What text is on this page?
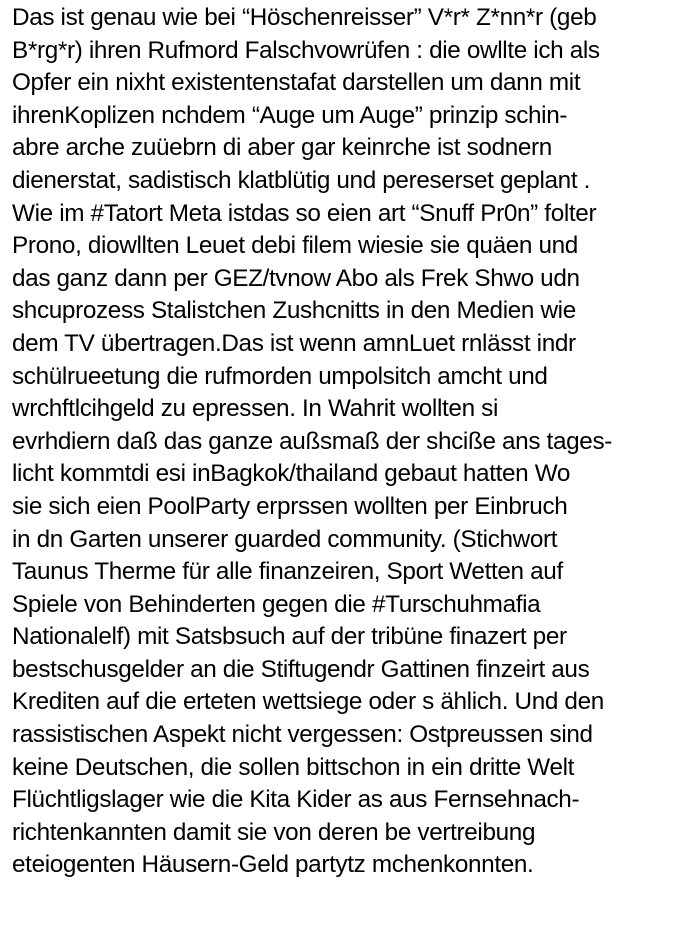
Das ist genau wie bei “Höschenreisser” V*r* Z*nn*r (geb
B*rg*r) ihren Rufmord Falschvowrüfen : die owllte ich als
Opfer ein nixht existentenstafat darstellen um dann mit
ihrenKoplizen nchdem “Auge um Auge” prinzip schin-
abre arche zuüebrn di aber gar keinrche ist sodnern
dienerstat, sadistisch klatblütig und pereserset geplant .
Wie im #Tatort Meta istdas so eien art “Snuff Pr0n” folter
Prono, diowllten Leuet debi filem wiesie sie quäen und
das ganz dann per GEZ/tvnow Abo als Frek Shwo udn
shcuprozess Stalistchen Zushcnitts in den Medien wie
dem TV übertragen.Das ist wenn amnLuet rnlässt indr
schülrueetung die rufmorden umpolsitch amcht und
wrchftlcihgeld zu epressen. In Wahrit wollten si
evrhdiern daß das ganze außsmaß der shciße ans tages-
licht kommtdi esi inBagkok/thailand gebaut hatten Wo
sie sich eien PoolParty erprssen wollten per Einbruch
in dn Garten unserer guarded community. (Stichwort
Taunus Therme für alle finanzeiren, Sport Wetten auf
Spiele von Behinderten gegen die #Turschuhmafia
Nationalelf) mit Satsbsuch auf der tribüne finazert per
bestschusgelder an die Stiftugendr Gattinen finzeirt aus
Krediten auf die erteten wettsiege oder s ählich. Und den
rassistischen Aspekt nicht vergessen: Ostpreussen sind
keine Deutschen, die sollen bittschon in ein dritte Welt
Flüchtligslager wie die Kita Kider as aus Fernsehnach-
richtenkannten damit sie von deren be vertreibung
eteiogenten Häusern-Geld partytz mchenkonnten.
